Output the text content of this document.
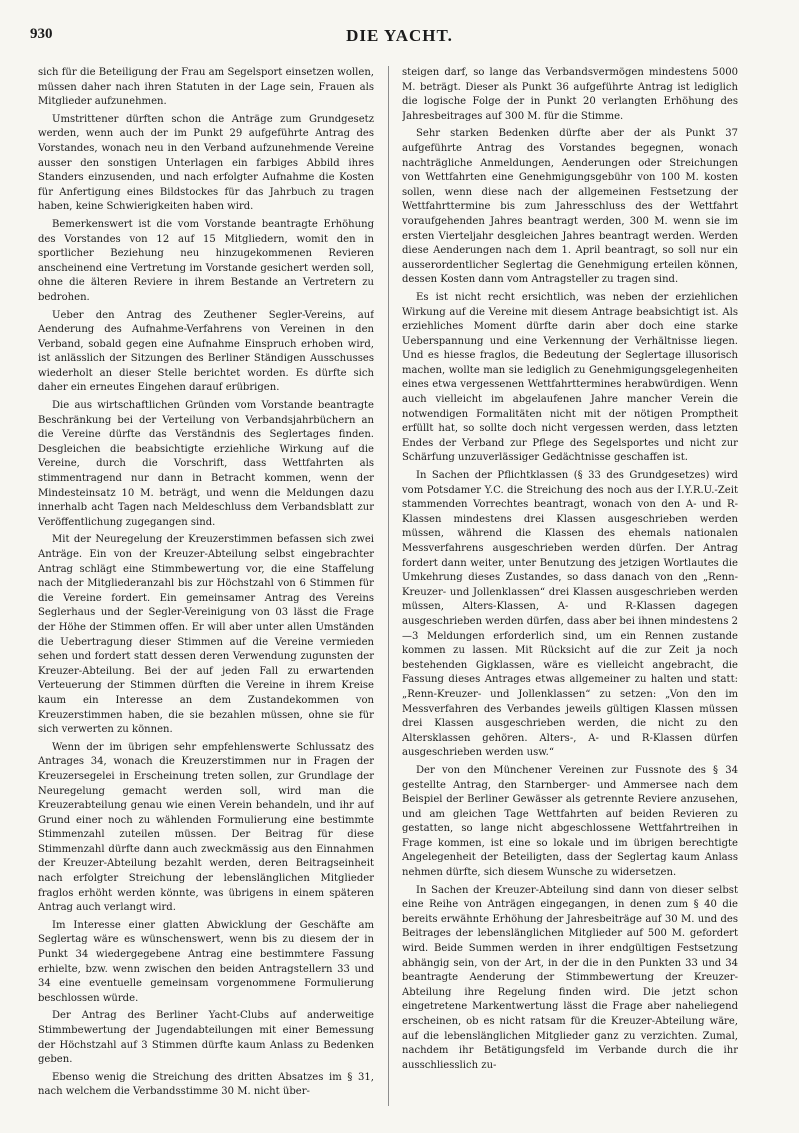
930	DIE YACHT.

sich für die Beteiligung der Frau am Segelsport einsetzen wollen, müssen daher nach ihren Statuten in der Lage sein, Frauen als Mitglieder aufzunehmen.

Umstrittener dürften schon die Anträge zum Grundgesetz werden, wenn auch der im Punkt 29 aufgeführte Antrag des Vorstandes, wonach neu in den Verband aufzunehmende Vereine ausser den sonstigen Unterlagen ein farbiges Abbild ihres Standers einzusenden, und nach erfolgter Aufnahme die Kosten für Anfertigung eines Bildstockes für das Jahrbuch zu tragen haben, keine Schwierigkeiten haben wird.

Bemerkenswert ist die vom Vorstande beantragte Erhöhung des Vorstandes von 12 auf 15 Mitgliedern, womit den in sportlicher Beziehung neu hinzugekommenen Revieren anscheinend eine Vertretung im Vorstande gesichert werden soll, ohne die älteren Reviere in ihrem Bestande an Vertretern zu bedrohen.

Ueber den Antrag des Zeuthener Segler-Vereins, auf Aenderung des Aufnahme-Verfahrens von Vereinen in den Verband, sobald gegen eine Aufnahme Einspruch erhoben wird, ist anlässlich der Sitzungen des Berliner Ständigen Ausschusses wiederholt an dieser Stelle berichtet worden. Es dürfte sich daher ein erneutes Eingehen darauf erübrigen.

Die aus wirtschaftlichen Gründen vom Vorstande beantragte Beschränkung bei der Verteilung von Verbandsjahrbüchern an die Vereine dürfte das Verständnis des Seglertages finden. Desgleichen die beabsichtigte erziehliche Wirkung auf die Vereine, durch die Vorschrift, dass Wettfahrten als stimmentragend nur dann in Betracht kommen, wenn der Mindesteinsatz 10 M. beträgt, und wenn die Meldungen dazu innerhalb acht Tagen nach Meldeschluss dem Verbandsblatt zur Veröffentlichung zugegangen sind.

Mit der Neuregelung der Kreuzerstimmen befassen sich zwei Anträge. Ein von der Kreuzer-Abteilung selbst eingebrachter Antrag schlägt eine Stimmbewertung vor, die eine Staffelung nach der Mitgliederanzahl bis zur Höchstzahl von 6 Stimmen für die Vereine fordert. Ein gemeinsamer Antrag des Vereins Seglerhaus und der Segler-Vereinigung von 03 lässt die Frage der Höhe der Stimmen offen. Er will aber unter allen Umständen die Uebertragung dieser Stimmen auf die Vereine vermieden sehen und fordert statt dessen deren Verwendung zugunsten der Kreuzer-Abteilung. Bei der auf jeden Fall zu erwartenden Verteuerung der Stimmen dürften die Vereine in ihrem Kreise kaum ein Interesse an dem Zustandekommen von Kreuzerstimmen haben, die sie bezahlen müssen, ohne sie für sich verwerten zu können.

Wenn der im übrigen sehr empfehlenswerte Schlussatz des Antrages 34, wonach die Kreuzerstimmen nur in Fragen der Kreuzersegelei in Erscheinung treten sollen, zur Grundlage der Neuregelung gemacht werden soll, wird man die Kreuzerabteilung genau wie einen Verein behandeln, und ihr auf Grund einer noch zu wählenden Formulierung eine bestimmte Stimmenzahl zuteilen müssen. Der Beitrag für diese Stimmenzahl dürfte dann auch zweckmässig aus den Einnahmen der Kreuzer-Abteilung bezahlt werden, deren Beitragseinheit nach erfolgter Streichung der lebenslänglichen Mitglieder fraglos erhöht werden könnte, was übrigens in einem späteren Antrag auch verlangt wird.

Im Interesse einer glatten Abwicklung der Geschäfte am Seglertag wäre es wünschenswert, wenn bis zu diesem der in Punkt 34 wiedergegebene Antrag eine bestimmtere Fassung erhielte, bzw. wenn zwischen den beiden Antragstellern 33 und 34 eine eventuelle gemeinsam vorgenommene Formulierung beschlossen würde.

Der Antrag des Berliner Yacht-Clubs auf anderweitige Stimmbewertung der Jugendabteilungen mit einer Bemessung der Höchstzahl auf 3 Stimmen dürfte kaum Anlass zu Bedenken geben.

Ebenso wenig die Streichung des dritten Absatzes im § 31, nach welchem die Verbandsstimme 30 M. nicht über-

steigen darf, so lange das Verbandsvermögen mindestens 5000 M. beträgt. Dieser als Punkt 36 aufgeführte Antrag ist lediglich die logische Folge der in Punkt 20 verlangten Erhöhung des Jahresbeitrages auf 300 M. für die Stimme.

Sehr starken Bedenken dürfte aber der als Punkt 37 aufgeführte Antrag des Vorstandes begegnen, wonach nachträgliche Anmeldungen, Aenderungen oder Streichungen von Wettfahrten eine Genehmigungsgebühr von 100 M. kosten sollen, wenn diese nach der allgemeinen Festsetzung der Wettfahrttermine bis zum Jahresschluss des der Wettfahrt voraufgehenden Jahres beantragt werden, 300 M. wenn sie im ersten Vierteljahr desgleichen Jahres beantragt werden. Werden diese Aenderungen nach dem 1. April beantragt, so soll nur ein ausserordentlicher Seglertag die Genehmigung erteilen können, dessen Kosten dann vom Antragsteller zu tragen sind.

Es ist nicht recht ersichtlich, was neben der erziehlichen Wirkung auf die Vereine mit diesem Antrage beabsichtigt ist. Als erziehliches Moment dürfte darin aber doch eine starke Ueberspannung und eine Verkennung der Verhältnisse liegen. Und es hiesse fraglos, die Bedeutung der Seglertage illusorisch machen, wollte man sie lediglich zu Genehmigungsgelegenheiten eines etwa vergessenen Wettfahrttermines herabwürdigen. Wenn auch vielleicht im abgelaufenen Jahre mancher Verein die notwendigen Formalitäten nicht mit der nötigen Promptheit erfüllt hat, so sollte doch nicht vergessen werden, dass letzten Endes der Verband zur Pflege des Segelsportes und nicht zur Schärfung unzuverlässiger Gedächtnisse geschaffen ist.

In Sachen der Pflichtklassen (§ 33 des Grundgesetzes) wird vom Potsdamer Y.C. die Streichung des noch aus der I.Y.R.U.-Zeit stammenden Vorrechtes beantragt, wonach von den A- und R-Klassen mindestens drei Klassen ausgeschrieben werden müssen, während die Klassen des ehemals nationalen Messverfahrens ausgeschrieben werden dürfen. Der Antrag fordert dann weiter, unter Benutzung des jetzigen Wortlautes die Umkehrung dieses Zustandes, so dass danach von den „Renn-Kreuzer- und Jollenklassen“ drei Klassen ausgeschrieben werden müssen, Alters-Klassen, A- und R-Klassen dagegen ausgeschrieben werden dürfen, dass aber bei ihnen mindestens 2—3 Meldungen erforderlich sind, um ein Rennen zustande kommen zu lassen. Mit Rücksicht auf die zur Zeit ja noch bestehenden Gigklassen, wäre es vielleicht angebracht, die Fassung dieses Antrages etwas allgemeiner zu halten und statt: „Renn-Kreuzer- und Jollenklassen“ zu setzen: „Von den im Messverfahren des Verbandes jeweils gültigen Klassen müssen drei Klassen ausgeschrieben werden, die nicht zu den Altersklassen gehören. Alters-, A- und R-Klassen dürfen ausgeschrieben werden usw.“

Der von den Münchener Vereinen zur Fussnote des § 34 gestellte Antrag, den Starnberger- und Ammersee nach dem Beispiel der Berliner Gewässer als getrennte Reviere anzusehen, und am gleichen Tage Wettfahrten auf beiden Revieren zu gestatten, so lange nicht abgeschlossene Wettfahrtreihen in Frage kommen, ist eine so lokale und im übrigen berechtigte Angelegenheit der Beteiligten, dass der Seglertag kaum Anlass nehmen dürfte, sich diesem Wunsche zu widersetzen.

In Sachen der Kreuzer-Abteilung sind dann von dieser selbst eine Reihe von Anträgen eingegangen, in denen zum § 40 die bereits erwähnte Erhöhung der Jahresbeiträge auf 30 M. und des Beitrages der lebenslänglichen Mitglieder auf 500 M. gefordert wird. Beide Summen werden in ihrer endgültigen Festsetzung abhängig sein, von der Art, in der die in den Punkten 33 und 34 beantragte Aenderung der Stimmbewertung der Kreuzer-Abteilung ihre Regelung finden wird. Die jetzt schon eingetretene Markentwertung lässt die Frage aber naheliegend erscheinen, ob es nicht ratsam für die Kreuzer-Abteilung wäre, auf die lebenslänglichen Mitglieder ganz zu verzichten. Zumal, nachdem ihr Betätigungsfeld im Verbande durch die ihr ausschliesslich zu-
